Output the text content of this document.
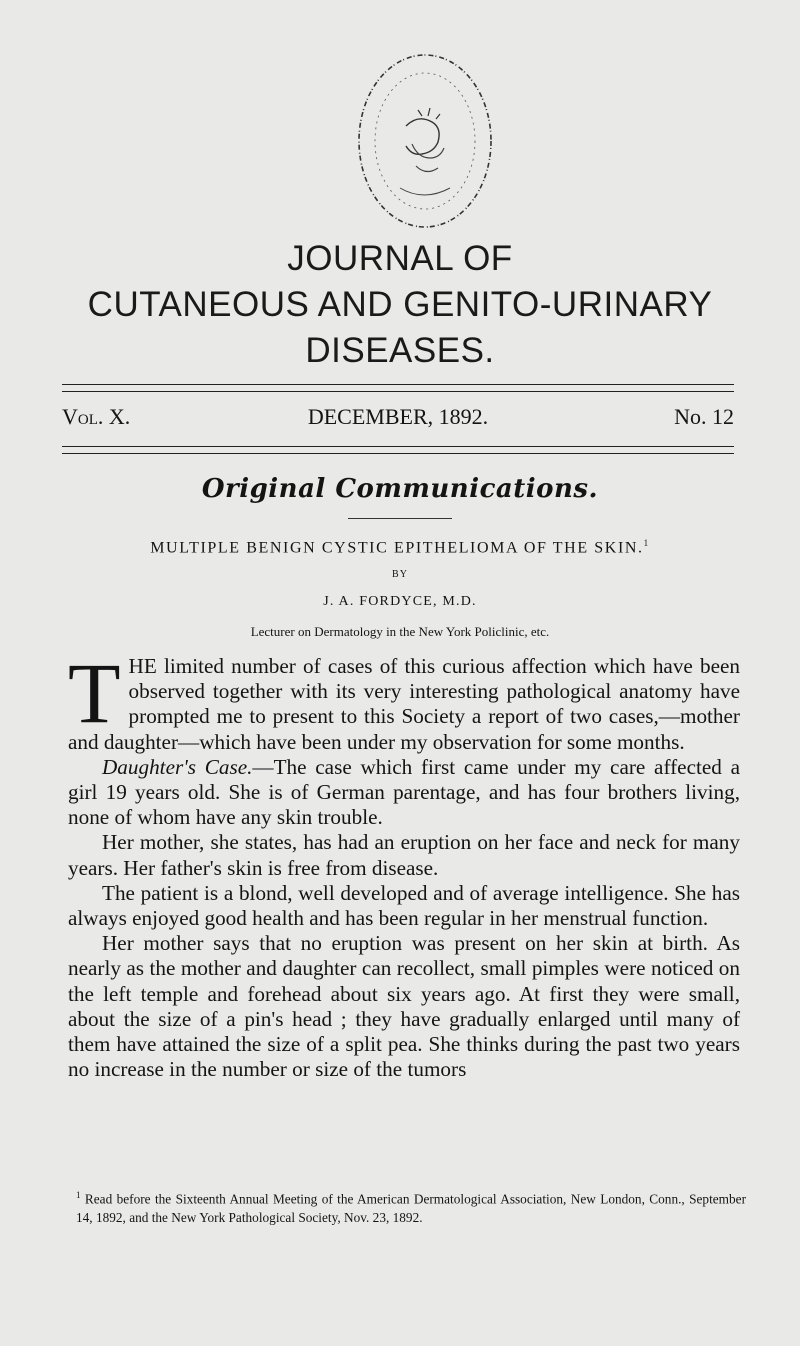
JOURNAL OF
CUTANEOUS AND GENITO-URINARY
DISEASES.
Vol. X.	DECEMBER, 1892.	No. 12
Original Communications.
MULTIPLE BENIGN CYSTIC EPITHELIOMA OF THE SKIN.$^1$
BY
J. A. FORDYCE, M.D.
Lecturer on Dermatology in the New York Policlinic, etc.

THE limited number of cases of this curious affection which have been observed together with its very interesting pathological anatomy have prompted me to present to this Society a report of two cases,—mother and daughter—which have been under my observation for some months.

Daughter's Case.—The case which first came under my care affected a girl 19 years old. She is of German parentage, and has four brothers living, none of whom have any skin trouble.

Her mother, she states, has had an eruption on her face and neck for many years. Her father's skin is free from disease.

The patient is a blond, well developed and of average intelligence. She has always enjoyed good health and has been regular in her menstrual function.

Her mother says that no eruption was present on her skin at birth. As nearly as the mother and daughter can recollect, small pimples were noticed on the left temple and forehead about six years ago. At first they were small, about the size of a pin's head ; they have gradually enlarged until many of them have attained the size of a split pea. She thinks during the past two years no increase in the number or size of the tumors

$^1$ Read before the Sixteenth Annual Meeting of the American Dermatological Association, New London, Conn., September 14, 1892, and the New York Pathological Society, Nov. 23, 1892.
